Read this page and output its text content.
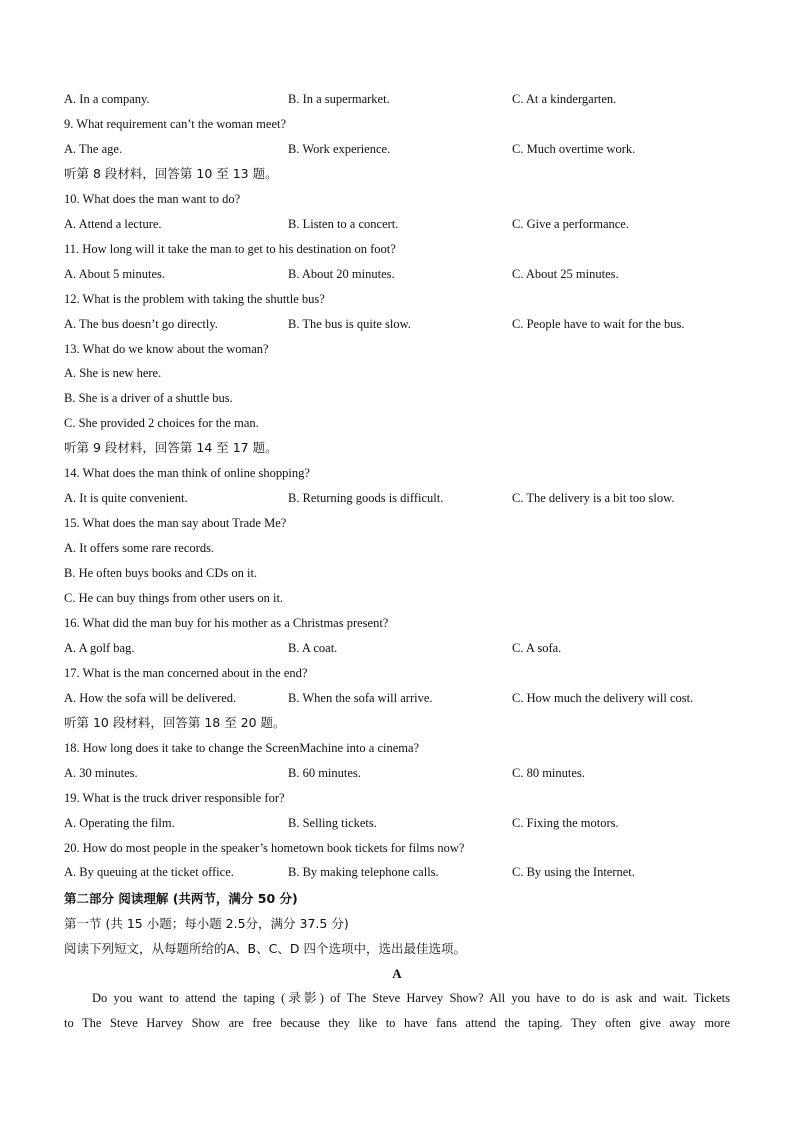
A. In a company.	B. In a supermarket.	C. At a kindergarten.
9. What requirement can’t the woman meet?
A. The age.	B. Work experience.	C. Much overtime work.
听第 8 段材料，回答第 10 至 13 题。
10. What does the man want to do?
A. Attend a lecture.	B. Listen to a concert.	C. Give a performance.
11. How long will it take the man to get to his destination on foot?
A. About 5 minutes.	B. About 20 minutes.	C. About 25 minutes.
12. What is the problem with taking the shuttle bus?
A. The bus doesn’t go directly.	B. The bus is quite slow.	C. People have to wait for the bus.
13. What do we know about the woman?
A. She is new here.
B. She is a driver of a shuttle bus.
C. She provided 2 choices for the man.
听第 9 段材料，回答第 14 至 17 题。
14. What does the man think of online shopping?
A. It is quite convenient.	B. Returning goods is difficult.	C. The delivery is a bit too slow.
15. What does the man say about Trade Me?
A. It offers some rare records.
B. He often buys books and CDs on it.
C. He can buy things from other users on it.
16. What did the man buy for his mother as a Christmas present?
A. A golf bag.	B. A coat.	C. A sofa.
17. What is the man concerned about in the end?
A. How the sofa will be delivered.	B. When the sofa will arrive.	C. How much the delivery will cost.
听第 10 段材料，回答第 18 至 20 题。
18. How long does it take to change the ScreenMachine into a cinema?
A. 30 minutes.	B. 60 minutes.	C. 80 minutes.
19. What is the truck driver responsible for?
A. Operating the film.	B. Selling tickets.	C. Fixing the motors.
20. How do most people in the speaker’s hometown book tickets for films now?
A. By queuing at the ticket office.	B. By making telephone calls.	C. By using the Internet.
第二部分 阅读理解 (共两节，满分 50 分)
第一节 (共 15 小题；每小题 2.5分，满分 37.5 分)
阅读下列短文，从每题所给的A、B、C、D 四个选项中，选出最佳选项。
A
Do you want to attend the taping (录影) of The Steve Harvey Show? All you have to do is ask and wait. Tickets
to The Steve Harvey Show are free because they like to have fans attend the taping. They often give away more
